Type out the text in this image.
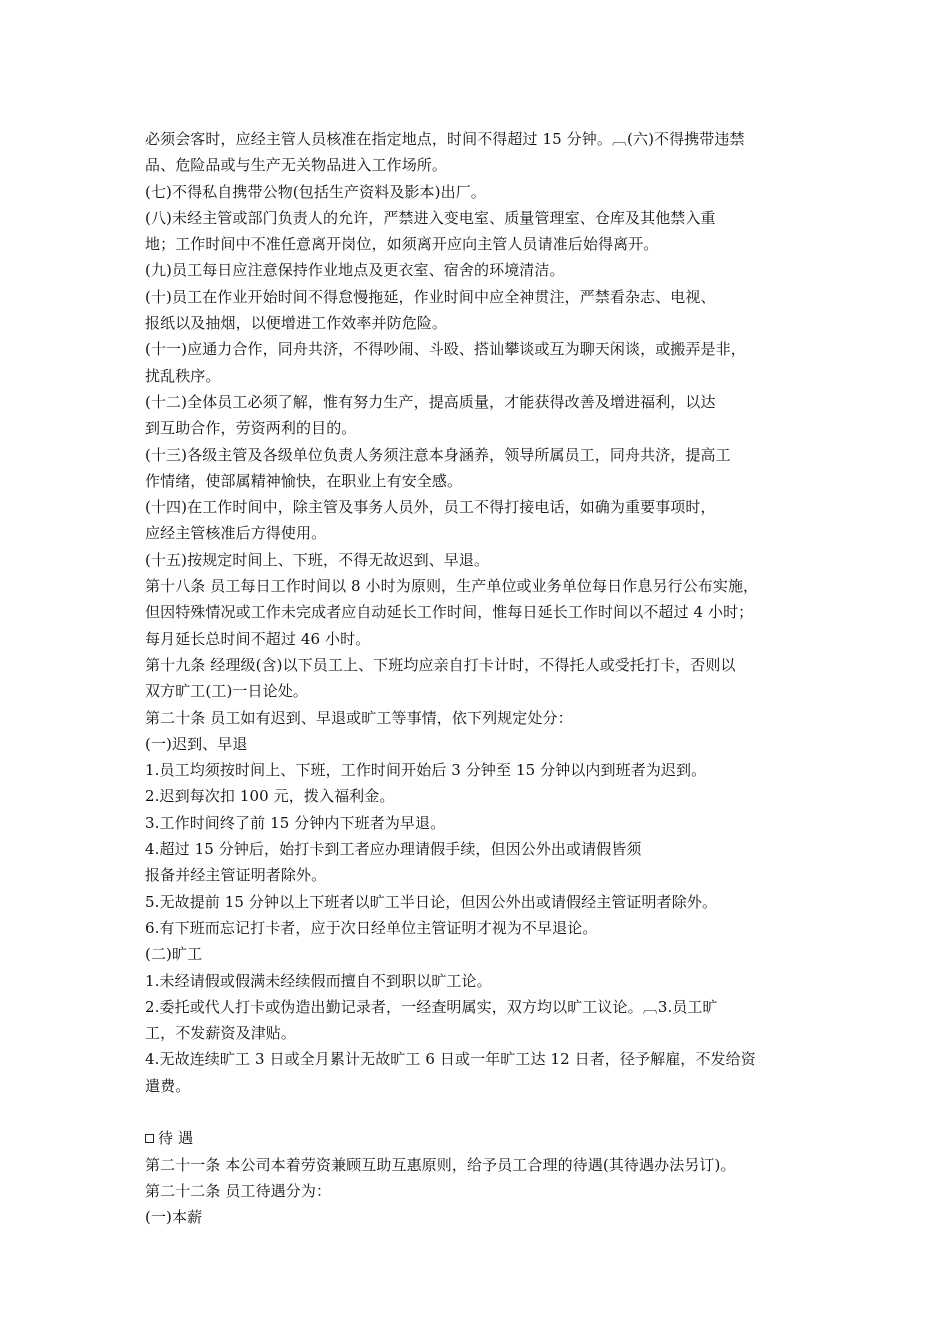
必须会客时，应经主管人员核准在指定地点，时间不得超过 15 分钟。︹(六)不得携带违禁
品、危险品或与生产无关物品进入工作场所。
(七)不得私自携带公物(包括生产资料及影本)出厂。
(八)未经主管或部门负责人的允许，严禁进入变电室、质量管理室、仓库及其他禁入重
地；工作时间中不准任意离开岗位，如须离开应向主管人员请准后始得离开。
(九)员工每日应注意保持作业地点及更衣室、宿舍的环境清洁。
(十)员工在作业开始时间不得怠慢拖延，作业时间中应全神贯注，严禁看杂志、电视、
报纸以及抽烟，以便增进工作效率并防危险。
(十一)应通力合作，同舟共济，不得吵闹、斗殴、搭讪攀谈或互为聊天闲谈，或搬弄是非，
扰乱秩序。
(十二)全体员工必须了解，惟有努力生产，提高质量，才能获得改善及增进福利，以达
到互助合作，劳资两利的目的。
(十三)各级主管及各级单位负责人务须注意本身涵养，领导所属员工，同舟共济，提高工
作情绪，使部属精神愉快，在职业上有安全感。
(十四)在工作时间中，除主管及事务人员外，员工不得打接电话，如确为重要事项时，
应经主管核准后方得使用。
(十五)按规定时间上、下班，不得无故迟到、早退。
第十八条 员工每日工作时间以 8 小时为原则，生产单位或业务单位每日作息另行公布实施，
但因特殊情况或工作未完成者应自动延长工作时间，惟每日延长工作时间以不超过 4 小时；
每月延长总时间不超过 46 小时。
第十九条 经理级(含)以下员工上、下班均应亲自打卡计时，不得托人或受托打卡，否则以
双方旷工(工)一日论处。
第二十条 员工如有迟到、早退或旷工等事情，依下列规定处分：
(一)迟到、早退
1.员工均须按时间上、下班，工作时间开始后 3 分钟至 15 分钟以内到班者为迟到。
2.迟到每次扣 100 元，拨入福利金。
3.工作时间终了前 15 分钟内下班者为早退。
4.超过 15 分钟后，始打卡到工者应办理请假手续，但因公外出或请假皆须
报备并经主管证明者除外。
5.无故提前 15 分钟以上下班者以旷工半日论，但因公外出或请假经主管证明者除外。
6.有下班而忘记打卡者，应于次日经单位主管证明才视为不早退论。
(二)旷工
1.未经请假或假满未经续假而擅自不到职以旷工论。
2.委托或代人打卡或伪造出勤记录者，一经查明属实，双方均以旷工议论。︹3.员工旷
工，不发薪资及津贴。
4.无故连续旷工 3 日或全月累计无故旷工 6 日或一年旷工达 12 日者，径予解雇，不发给资
遣费。
待 遇
第二十一条 本公司本着劳资兼顾互助互惠原则，给予员工合理的待遇(其待遇办法另订)。
第二十二条 员工待遇分为：
(一)本薪
